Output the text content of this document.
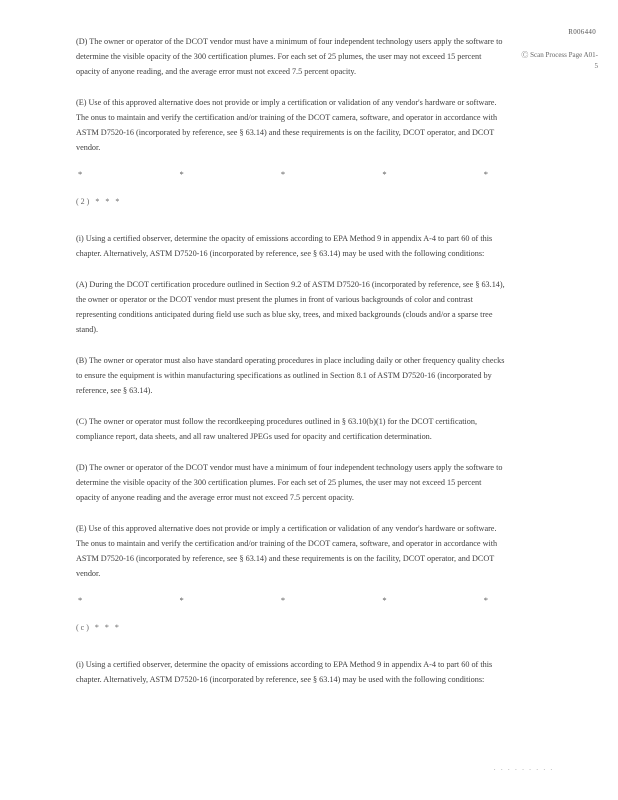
R006440
Ⓒ Scan Process Page A01-5

(D) The owner or operator of the DCOT vendor must have a minimum of four independent technology users apply the software to determine the visible opacity of the 300 certification plumes. For each set of 25 plumes, the user may not exceed 15 percent opacity of anyone reading, and the average error must not exceed 7.5 percent opacity.

(E) Use of this approved alternative does not provide or imply a certification or validation of any vendor's hardware or software. The onus to maintain and verify the certification and/or training of the DCOT camera, software, and operator in accordance with ASTM D7520-16 (incorporated by reference, see § 63.14) and these requirements is on the facility, DCOT operator, and DCOT vendor.

*	*	*	*	*
(2) * * *

(i) Using a certified observer, determine the opacity of emissions according to EPA Method 9 in appendix A-4 to part 60 of this chapter. Alternatively, ASTM D7520-16 (incorporated by reference, see § 63.14) may be used with the following conditions:

(A) During the DCOT certification procedure outlined in Section 9.2 of ASTM D7520-16 (incorporated by reference, see § 63.14), the owner or operator or the DCOT vendor must present the plumes in front of various backgrounds of color and contrast representing conditions anticipated during field use such as blue sky, trees, and mixed backgrounds (clouds and/or a sparse tree stand).

(B) The owner or operator must also have standard operating procedures in place including daily or other frequency quality checks to ensure the equipment is within manufacturing specifications as outlined in Section 8.1 of ASTM D7520-16 (incorporated by reference, see § 63.14).

(C) The owner or operator must follow the recordkeeping procedures outlined in § 63.10(b)(1) for the DCOT certification, compliance report, data sheets, and all raw unaltered JPEGs used for opacity and certification determination.

(D) The owner or operator of the DCOT vendor must have a minimum of four independent technology users apply the software to determine the visible opacity of the 300 certification plumes. For each set of 25 plumes, the user may not exceed 15 percent opacity of anyone reading and the average error must not exceed 7.5 percent opacity.

(E) Use of this approved alternative does not provide or imply a certification or validation of any vendor's hardware or software. The onus to maintain and verify the certification and/or training of the DCOT camera, software, and operator in accordance with ASTM D7520-16 (incorporated by reference, see § 63.14) and these requirements is on the facility, DCOT operator, and DCOT vendor.

*	*	*	*	*
(c) * * *

(i) Using a certified observer, determine the opacity of emissions according to EPA Method 9 in appendix A-4 to part 60 of this chapter. Alternatively, ASTM D7520-16 (incorporated by reference, see § 63.14) may be used with the following conditions:

· · · · · · · · ·
